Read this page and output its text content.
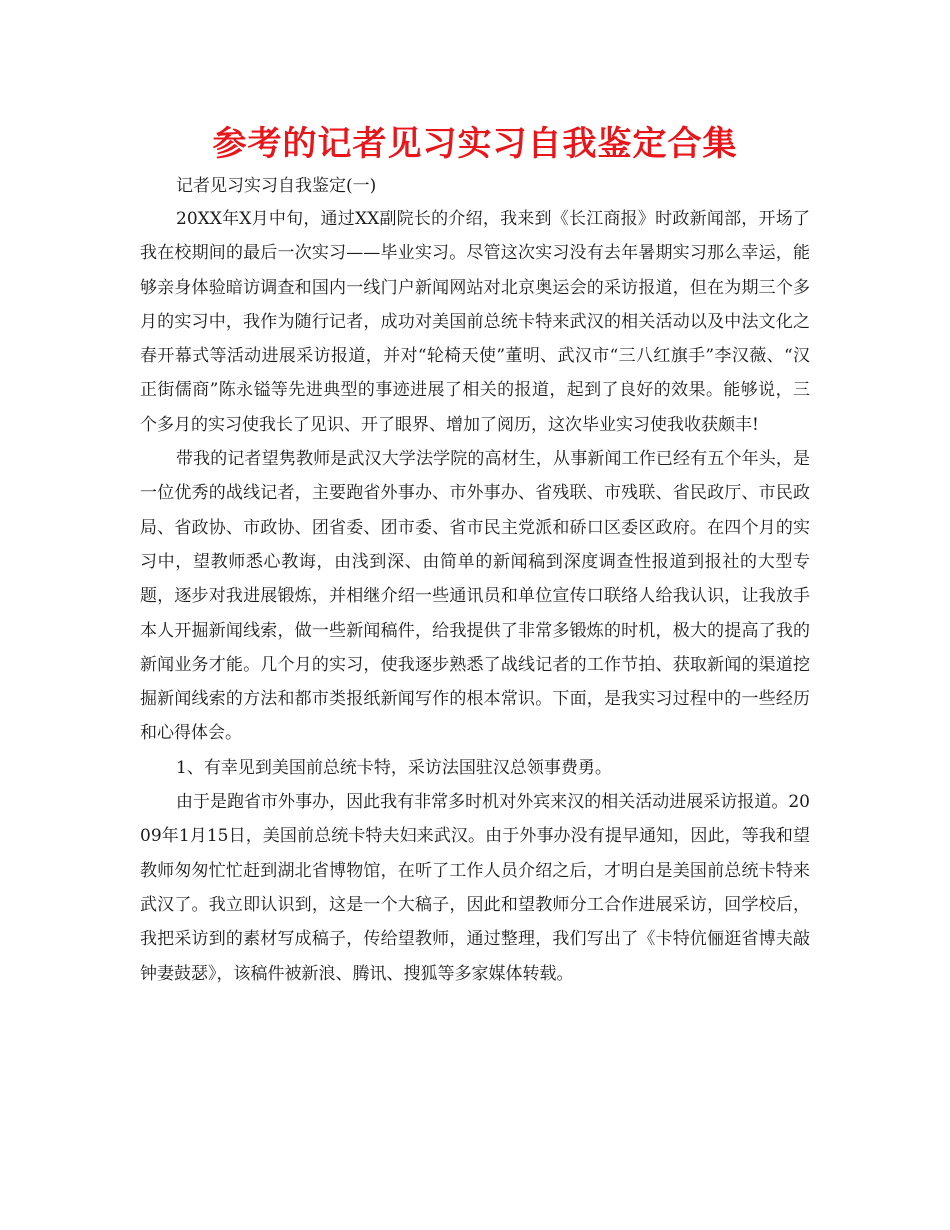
参考的记者见习实习自我鉴定合集

记者见习实习自我鉴定(一)

20XX年X月中旬，通过XX副院长的介绍，我来到《长江商报》时政新闻部，开场了我在校期间的最后一次实习——毕业实习。尽管这次实习没有去年暑期实习那么幸运，能够亲身体验暗访调查和国内一线门户新闻网站对北京奥运会的采访报道，但在为期三个多月的实习中，我作为随行记者，成功对美国前总统卡特来武汉的相关活动以及中法文化之春开幕式等活动进展采访报道，并对“轮椅天使”董明、武汉市“三八红旗手”李汉薇、“汉正街儒商”陈永镒等先进典型的事迹进展了相关的报道，起到了良好的效果。能够说，三个多月的实习使我长了见识、开了眼界、增加了阅历，这次毕业实习使我收获颇丰!

带我的记者望隽教师是武汉大学法学院的高材生，从事新闻工作已经有五个年头，是一位优秀的战线记者，主要跑省外事办、市外事办、省残联、市残联、省民政厅、市民政局、省政协、市政协、团省委、团市委、省市民主党派和硚口区委区政府。在四个月的实习中，望教师悉心教诲，由浅到深、由简单的新闻稿到深度调查性报道到报社的大型专题，逐步对我进展锻炼，并相继介绍一些通讯员和单位宣传口联络人给我认识，让我放手本人开掘新闻线索，做一些新闻稿件，给我提供了非常多锻炼的时机，极大的提高了我的新闻业务才能。几个月的实习，使我逐步熟悉了战线记者的工作节拍、获取新闻的渠道挖掘新闻线索的方法和都市类报纸新闻写作的根本常识。下面，是我实习过程中的一些经历和心得体会。

1、有幸见到美国前总统卡特，采访法国驻汉总领事费勇。

由于是跑省市外事办，因此我有非常多时机对外宾来汉的相关活动进展采访报道。2009年1月15日，美国前总统卡特夫妇来武汉。由于外事办没有提早通知，因此，等我和望教师匆匆忙忙赶到湖北省博物馆，在听了工作人员介绍之后，才明白是美国前总统卡特来武汉了。我立即认识到，这是一个大稿子，因此和望教师分工合作进展采访，回学校后，我把采访到的素材写成稿子，传给望教师，通过整理，我们写出了《卡特伉俪逛省博夫敲钟妻鼓瑟》，该稿件被新浪、腾讯、搜狐等多家媒体转载。
